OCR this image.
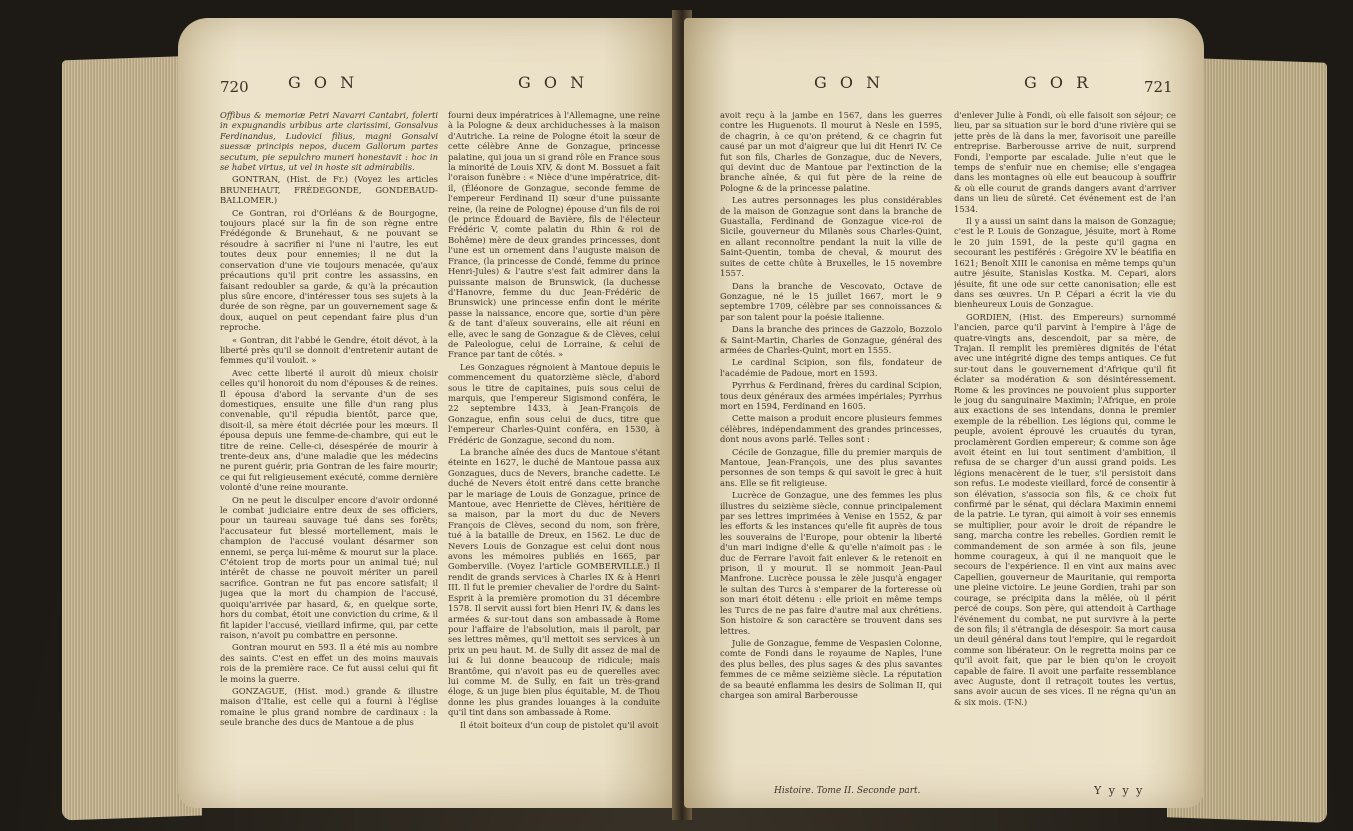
720 G O N	G O N

Offibus & memoriæ Petri Navarri Cantabri, folerti in expugnandis urbibus arte clarissimi, Gonsalvus Ferdinandus, Ludovici filius, magni Gonsalvi suessæ principis nepos, ducem Gallorum partes secutum, pie sepulchro muneri honestavit : hoc in se habet virtus, ut vel in hoste sit admirabilis.

GONTRAN, (Hist. de Fr.) (Voyez les articles BRUNEHAUT, FRÉDEGONDE, GONDEBAUD-BALLOMER.)

Ce Gontran, roi d'Orléans & de Bourgogne, toujours placé sur la fin de son règne entre Frédégonde & Brunehaut, & ne pouvant se résoudre à sacrifier ni l'une ni l'autre, les eut toutes deux pour ennemies; il ne dut la conservation d'une vie toujours menacée, qu'aux précautions qu'il prit contre les assassins, en faisant redoubler sa garde, & qu'à la précaution plus sûre encore, d'intéresser tous ses sujets à la durée de son règne, par un gouvernement sage & doux, auquel on peut cependant faire plus d'un reproche.

« Gontran, dit l'abbé le Gendre, étoit dévot, à la liberté près qu'il se donnoit d'entretenir autant de femmes qu'il vouloit. »

Avec cette liberté il auroit dû mieux choisir celles qu'il honoroit du nom d'épouses & de reines. Il épousa d'abord la servante d'un de ses domestiques, ensuite une fille d'un rang plus convenable, qu'il répudia bientôt, parce que, disoit-il, sa mère étoit décriée pour les mœurs. Il épousa depuis une femme-de-chambre, qui eut le titre de reine. Celle-ci, désespérée de mourir à trente-deux ans, d'une maladie que les médecins ne purent guérir, pria Gontran de les faire mourir; ce qui fut religieusement exécuté, comme dernière volonté d'une reine mourante.

On ne peut le disculper encore d'avoir ordonné le combat judiciaire entre deux de ses officiers, pour un taureau sauvage tué dans ses forêts; l'accusateur fut blessé mortellement, mais le champion de l'accusé voulant désarmer son ennemi, se perça lui-même & mourut sur la place. C'étoient trop de morts pour un animal tué; nul intérêt de chasse ne pouvoit mériter un pareil sacrifice. Gontran ne fut pas encore satisfait; il jugea que la mort du champion de l'accusé, quoiqu'arrivée par hasard, &, en quelque sorte, hors du combat, étoit une conviction du crime, & il fit lapider l'accusé, vieillard infirme, qui, par cette raison, n'avoit pu combattre en personne.

Gontran mourut en 593. Il a été mis au nombre des saints. C'est en effet un des moins mauvais rois de la première race. Ce fut aussi celui qui fit le moins la guerre.

GONZAGUE, (Hist. mod.) grande & illustre maison d'Italie, est celle qui a fourni à l'église romaine le plus grand nombre de cardinaux : la seule branche des ducs de Mantoue a de plus

fourni deux impératrices à l'Allemagne, une reine à la Pologne & deux archiduchesses à la maison d'Autriche. La reine de Pologne étoit la sœur de cette célèbre Anne de Gonzague, princesse palatine, qui joua un si grand rôle en France sous la minorité de Louis XIV, & dont M. Bossuet a fait l'oraison funèbre : « Nièce d'une impératrice, dit-il, (Éléonore de Gonzague, seconde femme de l'empereur Ferdinand II) sœur d'une puissante reine, (la reine de Pologne) épouse d'un fils de roi (le prince Édouard de Bavière, fils de l'électeur Frédéric V, comte palatin du Rhin & roi de Bohême) mère de deux grandes princesses, dont l'une est un ornement dans l'auguste maison de France, (la princesse de Condé, femme du prince Henri-Jules) & l'autre s'est fait admirer dans la puissante maison de Brunswick, (la duchesse d'Hanovre, femme du duc Jean-Frédéric de Brunswick) une princesse enfin dont le mérite passe la naissance, encore que, sortie d'un père & de tant d'aïeux souverains, elle ait réuni en elle, avec le sang de Gonzague & de Clèves, celui de Paleologue, celui de Lorraine, & celui de France par tant de côtés. »

Les Gonzagues régnoient à Mantoue depuis le commencement du quatorzième siècle, d'abord sous le titre de capitaines, puis sous celui de marquis, que l'empereur Sigismond conféra, le 22 septembre 1433, à Jean-François de Gonzague, enfin sous celui de ducs, titre que l'empereur Charles-Quint conféra, en 1530, à Frédéric de Gonzague, second du nom.

La branche aînée des ducs de Mantoue s'étant éteinte en 1627, le duché de Mantoue passa aux Gonzagues, ducs de Nevers, branche cadette. Le duché de Nevers étoit entré dans cette branche par le mariage de Louis de Gonzague, prince de Mantoue, avec Henriette de Clèves, héritière de sa maison, par la mort du duc de Nevers François de Clèves, second du nom, son frère, tué à la bataille de Dreux, en 1562. Le duc de Nevers Louis de Gonzague est celui dont nous avons les mémoires publiés en 1665, par Gomberville. (Voyez l'article GOMBERVILLE.) Il rendit de grands services à Charles IX & à Henri III. Il fut le premier chevalier de l'ordre du Saint-Esprit à la première promotion du 31 décembre 1578. Il servit aussi fort bien Henri IV, & dans les armées & sur-tout dans son ambassade à Rome pour l'affaire de l'absolution, mais il paroît, par ses lettres mêmes, qu'il mettoit ses services à un prix un peu haut. M. de Sully dit assez de mal de lui & lui donne beaucoup de ridicule; mais Brantôme, qui n'avoit pas eu de querelles avec lui comme M. de Sully, en fait un très-grand éloge, & un juge bien plus équitable, M. de Thou donne les plus grandes louanges à la conduite qu'il tint dans son ambassade à Rome.

Il étoit boiteux d'un coup de pistolet qu'il avoit

G O N	G O R	721

avoit reçu à la jambe en 1567, dans les guerres contre les Huguenots. Il mourut à Nesle en 1595, de chagrin, à ce qu'on prétend, & ce chagrin fut causé par un mot d'aigreur que lui dit Henri IV. Ce fut son fils, Charles de Gonzague, duc de Nevers, qui devint duc de Mantoue par l'extinction de la branche aînée, & qui fut père de la reine de Pologne & de la princesse palatine.

Les autres personnages les plus considérables de la maison de Gonzague sont dans la branche de Guastalla, Ferdinand de Gonzague vice-roi de Sicile, gouverneur du Milanès sous Charles-Quint, en allant reconnoître pendant la nuit la ville de Saint-Quentin, tomba de cheval, & mourut des suites de cette chûte à Bruxelles, le 15 novembre 1557.

Dans la branche de Vescovato, Octave de Gonzague, né le 15 juillet 1667, mort le 9 septembre 1709, célèbre par ses connoissances & par son talent pour la poésie italienne.

Dans la branche des princes de Gazzolo, Bozzolo & Saint-Martin, Charles de Gonzague, général des armées de Charles-Quint, mort en 1555.

Le cardinal Scipion, son fils, fondateur de l'académie de Padoue, mort en 1593.

Pyrrhus & Ferdinand, frères du cardinal Scipion, tous deux généraux des armées impériales; Pyrrhus mort en 1594, Ferdinand en 1605.

Cette maison a produit encore plusieurs femmes célèbres, indépendamment des grandes princesses, dont nous avons parlé. Telles sont :

Cécile de Gonzague, fille du premier marquis de Mantoue, Jean-François, une des plus savantes personnes de son temps & qui savoit le grec à huit ans. Elle se fit religieuse.

Lucrèce de Gonzague, une des femmes les plus illustres du seizième siècle, connue principalement par ses lettres imprimées à Venise en 1552, & par les efforts & les instances qu'elle fit auprès de tous les souverains de l'Europe, pour obtenir la liberté d'un mari indigne d'elle & qu'elle n'aimoit pas : le duc de Ferrare l'avoit fait enlever & le retenoit en prison, il y mourut. Il se nommoit Jean-Paul Manfrone. Lucrèce poussa le zèle jusqu'à engager le sultan des Turcs à s'emparer de la forteresse où son mari étoit détenu : elle prioit en même temps les Turcs de ne pas faire d'autre mal aux chrétiens. Son histoire & son caractère se trouvent dans ses lettres.

Julie de Gonzague, femme de Vespasien Colonne, comte de Fondi dans le royaume de Naples, l'une des plus belles, des plus sages & des plus savantes femmes de ce même seizième siècle. La réputation de sa beauté enflamma les desirs de Soliman II, qui chargea son amiral Barberousse

d'enlever Julie à Fondi, où elle faisoit son séjour; ce lieu, par sa situation sur le bord d'une rivière qui se jette près de là dans la mer, favorisoit une pareille entreprise. Barberousse arrive de nuit, surprend Fondi, l'emporte par escalade. Julie n'eut que le temps de s'enfuir nue en chemise; elle s'engagea dans les montagnes où elle eut beaucoup à souffrir & où elle courut de grands dangers avant d'arriver dans un lieu de sûreté. Cet événement est de l'an 1534.

Il y a aussi un saint dans la maison de Gonzague; c'est le P. Louis de Gonzague, jésuite, mort à Rome le 20 juin 1591, de la peste qu'il gagna en secourant les pestiférés : Grégoire XV le béatifia en 1621; Benoît XIII le canonisa en même temps qu'un autre jésuite, Stanislas Kostka. M. Cepari, alors jésuite, fit une ode sur cette canonisation; elle est dans ses œuvres. Un P. Cépari a écrit la vie du bienheureux Louis de Gonzague.

GORDIEN, (Hist. des Empereurs) surnommé l'ancien, parce qu'il parvint à l'empire à l'âge de quatre-vingts ans, descendoit, par sa mère, de Trajan. Il remplit les premières dignités de l'état avec une intégrité digne des temps antiques. Ce fut sur-tout dans le gouvernement d'Afrique qu'il fit éclater sa modération & son désintéressement. Rome & les provinces ne pouvoient plus supporter le joug du sanguinaire Maximin; l'Afrique, en proie aux exactions de ses intendans, donna le premier exemple de la rébellion. Les légions qui, comme le peuple, avoient éprouvé les cruautés du tyran, proclamèrent Gordien empereur; & comme son âge avoit éteint en lui tout sentiment d'ambition, il refusa de se charger d'un aussi grand poids. Les légions menacèrent de le tuer, s'il persistoit dans son refus. Le modeste vieillard, forcé de consentir à son élévation, s'associa son fils, & ce choix fut confirmé par le sénat, qui déclara Maximin ennemi de la patrie. Le tyran, qui aimoit à voir ses ennemis se multiplier, pour avoir le droit de répandre le sang, marcha contre les rebelles. Gordien remit le commandement de son armée à son fils, jeune homme courageux, à qui il ne manquoit que le secours de l'expérience. Il en vint aux mains avec Capellien, gouverneur de Mauritanie, qui remporta une pleine victoire. Le jeune Gordien, trahi par son courage, se précipita dans la mêlée, où il périt percé de coups. Son père, qui attendoit à Carthage l'événement du combat, ne put survivre à la perte de son fils; il s'étrangla de désespoir. Sa mort causa un deuil général dans tout l'empire, qui le regardoit comme son libérateur. On le regretta moins par ce qu'il avoit fait, que par le bien qu'on le croyoit capable de faire. Il avoit une parfaite ressemblance avec Auguste, dont il retraçoit toutes les vertus, sans avoir aucun de ses vices. Il ne régna qu'un an & six mois. (T-N.)

Histoire. Tome II. Seconde part.	Y y y y
